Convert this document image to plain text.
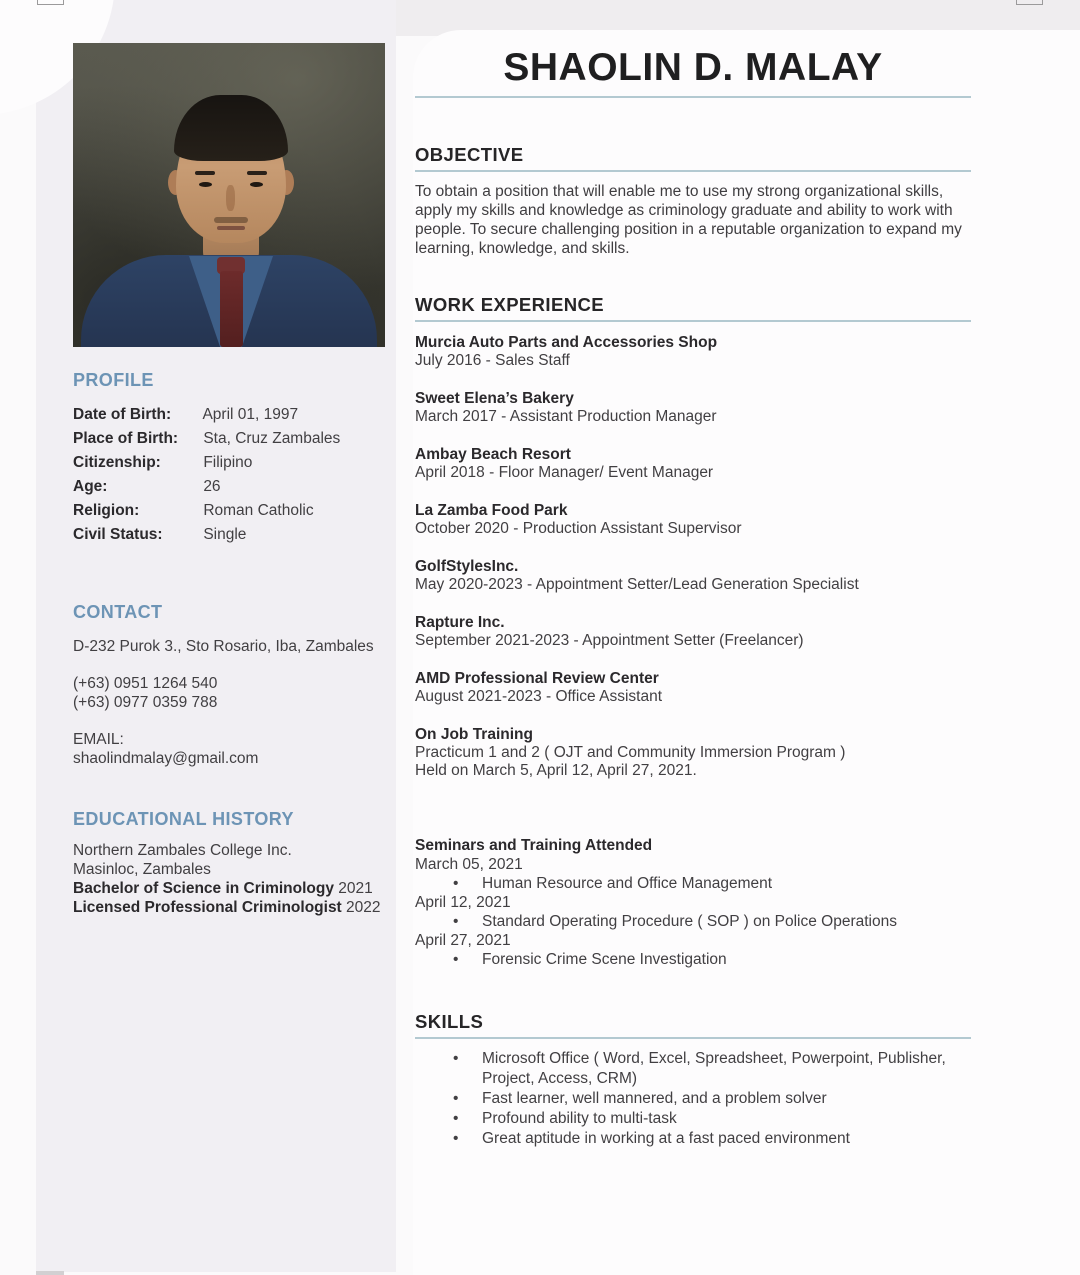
SHAOLIN D. MALAY
OBJECTIVE
To obtain a position that will enable me to use my strong organizational skills, apply my skills and knowledge as criminology graduate and ability to work with people. To secure challenging position in a reputable organization to expand my learning, knowledge, and skills.
WORK EXPERIENCE
Murcia Auto Parts and Accessories Shop
July 2016 - Sales Staff
Sweet Elena’s Bakery
March 2017 - Assistant Production Manager
Ambay Beach Resort
April 2018 - Floor Manager/ Event Manager
La Zamba Food Park
October 2020 - Production Assistant Supervisor
GolfStylesInc.
May 2020-2023 - Appointment Setter/Lead Generation Specialist
Rapture Inc.
September 2021-2023 - Appointment Setter (Freelancer)
AMD Professional Review Center
August 2021-2023 - Office Assistant
On Job Training
Practicum 1 and 2 ( OJT and Community Immersion Program )
Held on March 5, April 12, April 27, 2021.
Seminars and Training Attended
March 05, 2021
•
Human Resource and Office Management
April 12, 2021
•
Standard Operating Procedure ( SOP ) on Police Operations
April 27, 2021
•
Forensic Crime Scene Investigation
SKILLS
•
Microsoft Office ( Word, Excel, Spreadsheet, Powerpoint, Publisher, Project, Access, CRM)
•
Fast learner, well mannered, and a problem solver
•
Profound ability to multi-task
•
Great aptitude in working at a fast paced environment
PROFILE
Date of Birth: April 01, 1997
Place of Birth: Sta, Cruz Zambales
Citizenship:	Filipino
Age:	26
Religion:	Roman Catholic
Civil Status:	Single
CONTACT
D-232 Purok 3., Sto Rosario, Iba, Zambales
(+63) 0951 1264 540
(+63) 0977 0359 788
EMAIL:
shaolindmalay@gmail.com
EDUCATIONAL HISTORY
Northern Zambales College Inc.
Masinloc, Zambales
Bachelor of Science in Criminology 2021
Licensed Professional Criminologist 2022
